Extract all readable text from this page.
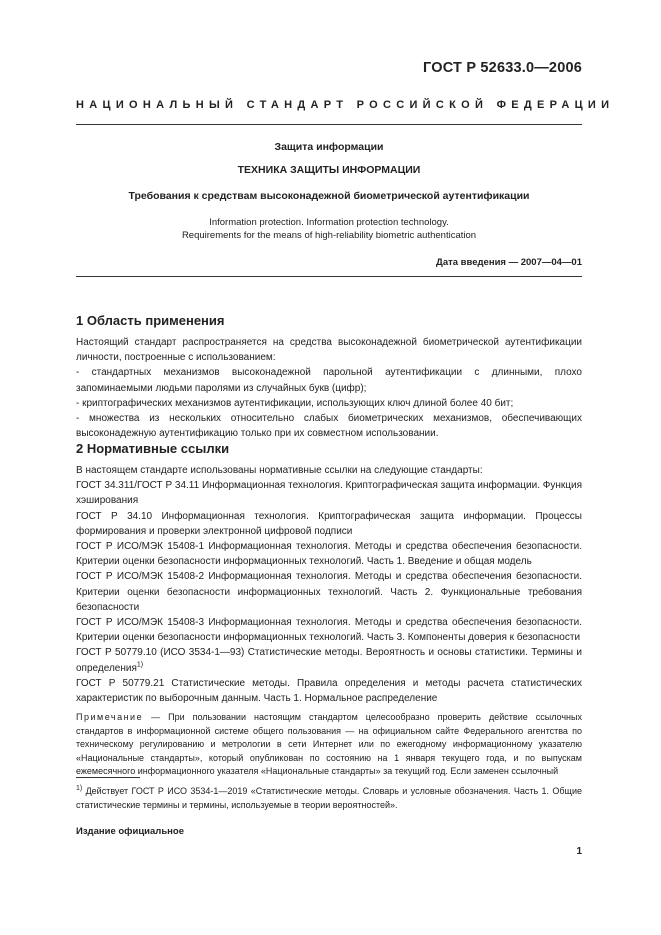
ГОСТ Р 52633.0—2006
НАЦИОНАЛЬНЫЙ СТАНДАРТ РОССИЙСКОЙ ФЕДЕРАЦИИ
Защита информации
ТЕХНИКА ЗАЩИТЫ ИНФОРМАЦИИ
Требования к средствам высоконадежной биометрической аутентификации
Information protection. Information protection technology.
Requirements for the means of high-reliability biometric authentication
Дата введения — 2007—04—01
1 Область применения

Настоящий стандарт распространяется на средства высоконадежной биометрической аутентификации личности, построенные с использованием:

- стандартных механизмов высоконадежной парольной аутентификации с длинными, плохо запоминаемыми людьми паролями из случайных букв (цифр);

- криптографических механизмов аутентификации, использующих ключ длиной более 40 бит;

- множества из нескольких относительно слабых биометрических механизмов, обеспечивающих высоконадежную аутентификацию только при их совместном использовании.

2 Нормативные ссылки

В настоящем стандарте использованы нормативные ссылки на следующие стандарты:

ГОСТ 34.311/ГОСТ Р 34.11 Информационная технология. Криптографическая защита информации. Функция хэширования

ГОСТ Р 34.10 Информационная технология. Криптографическая защита информации. Процессы формирования и проверки электронной цифровой подписи

ГОСТ Р ИСО/МЭК 15408-1 Информационная технология. Методы и средства обеспечения безопасности. Критерии оценки безопасности информационных технологий. Часть 1. Введение и общая модель

ГОСТ Р ИСО/МЭК 15408-2 Информационная технология. Методы и средства обеспечения безопасности. Критерии оценки безопасности информационных технологий. Часть 2. Функциональные требования безопасности

ГОСТ Р ИСО/МЭК 15408-3 Информационная технология. Методы и средства обеспечения безопасности. Критерии оценки безопасности информационных технологий. Часть 3. Компоненты доверия к безопасности

ГОСТ Р 50779.10 (ИСО 3534-1—93) Статистические методы. Вероятность и основы статистики. Термины и определения$^{1)}$

ГОСТ Р 50779.21 Статистические методы. Правила определения и методы расчета статистических характеристик по выборочным данным. Часть 1. Нормальное распределение

Примечание — При пользовании настоящим стандартом целесообразно проверить действие ссылочных стандартов в информационной системе общего пользования — на официальном сайте Федерального агентства по техническому регулированию и метрологии в сети Интернет или по ежегодному информационному указателю «Национальные стандарты», который опубликован по состоянию на 1 января текущего года, и по выпускам ежемесячного информационного указателя «Национальные стандарты» за текущий год. Если заменен ссылочный
$^{1)}$ Действует ГОСТ Р ИСО 3534-1—2019 «Статистические методы. Словарь и условные обозначения. Часть 1. Общие статистические термины и термины, используемые в теории вероятностей».
Издание официальное
1
